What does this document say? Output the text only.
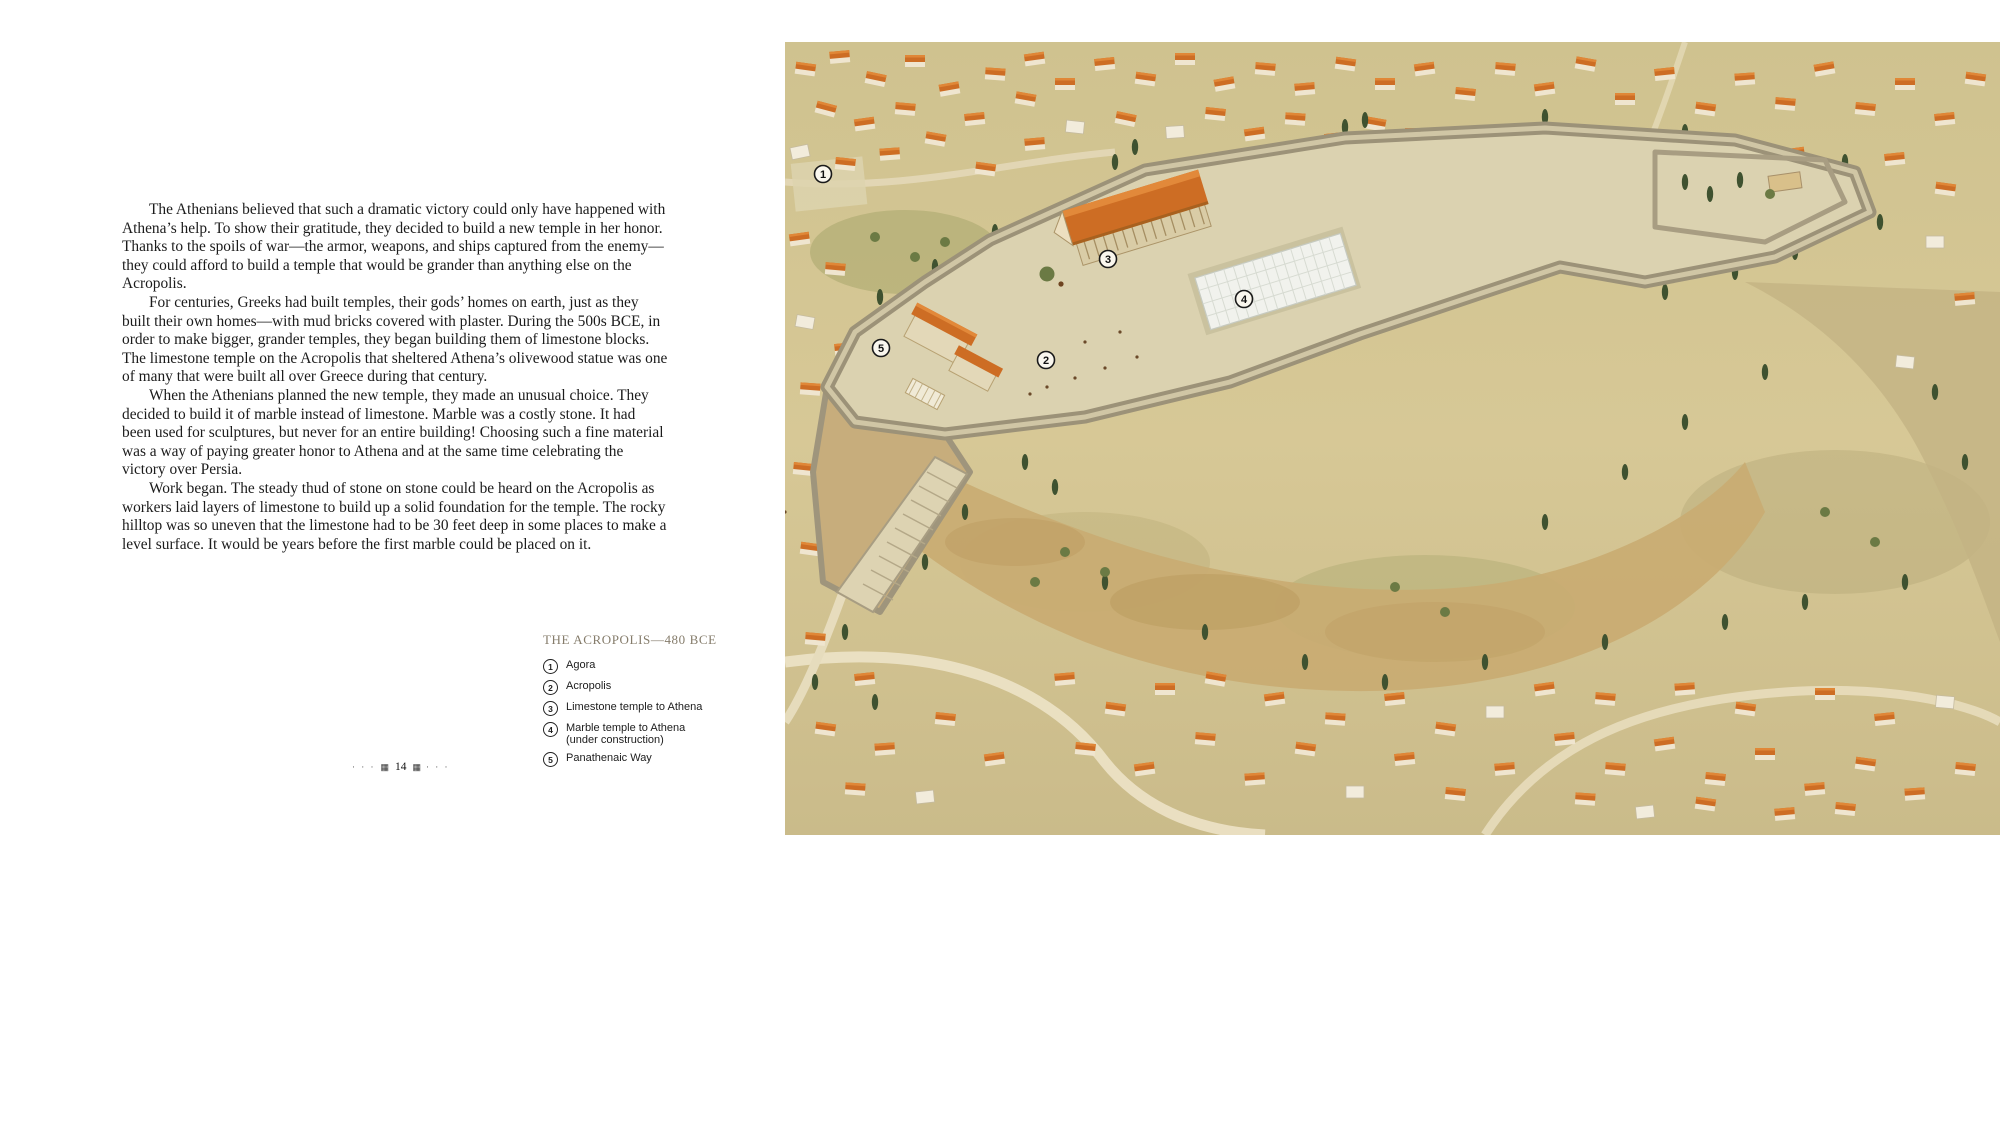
The Athenians believed that such a dramatic victory could only have happened with Athena’s help. To show their gratitude, they decided to build a new temple in her honor. Thanks to the spoils of war—the armor, weapons, and ships captured from the enemy—they could afford to build a temple that would be grander than anything else on the Acropolis.

For centuries, Greeks had built temples, their gods’ homes on earth, just as they built their own homes—with mud bricks covered with plaster. During the 500s BCE, in order to make bigger, grander temples, they began building them of limestone blocks. The limestone temple on the Acropolis that sheltered Athena’s olivewood statue was one of many that were built all over Greece during that century.

When the Athenians planned the new temple, they made an unusual choice. They decided to build it of marble instead of limestone. Marble was a costly stone. It had been used for sculptures, but never for an entire building! Choosing such a fine material was a way of paying greater honor to Athena and at the same time celebrating the victory over Persia.

Work began. The steady thud of stone on stone could be heard on the Acropolis as workers laid layers of limestone to build up a solid foundation for the temple. The rocky hilltop was so uneven that the limestone had to be 30 feet deep in some places to make a level surface. It would be years before the first marble could be placed on it.

THE ACROPOLIS—480 BCE
1	Agora
2	Acropolis
3	Limestone temple to Athena
4	Marble temple to Athena
(under construction)
5	Panathenaic Way
· · · ▦ 14 ▦ · · ·
1
2
3
4
5
